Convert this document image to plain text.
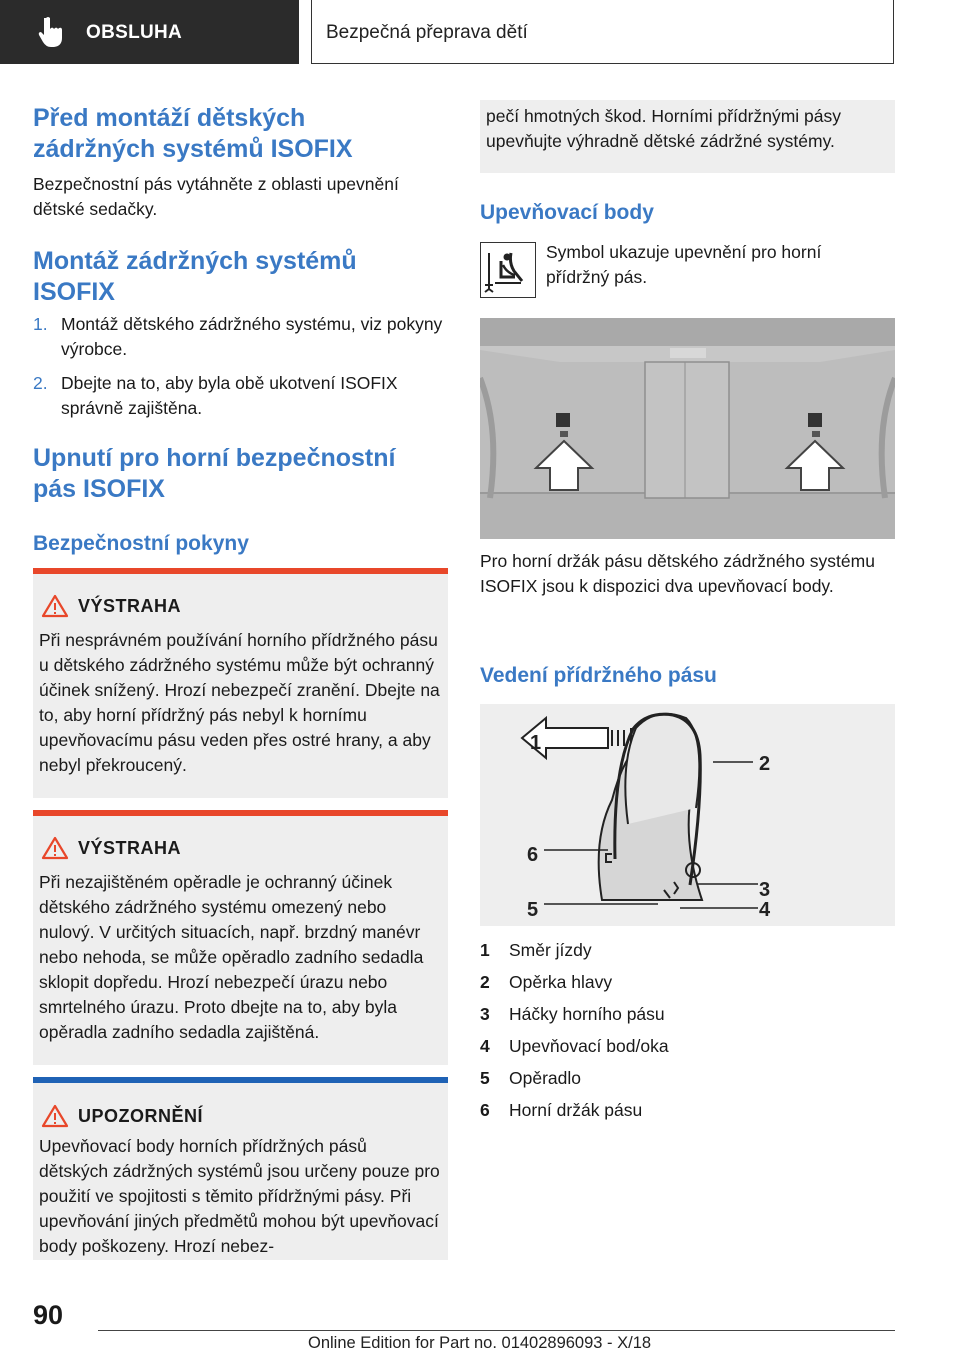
OBSLUHA	Bezpečná přeprava dětí
Před montáží dětských zádržných systémů ISOFIX

Bezpečnostní pás vytáhněte z oblasti upevnění dětské sedačky.

Montáž zádržných systémů ISOFIX
1. Montáž dětského zádržného systému, viz pokyny výrobce.
2. Dbejte na to, aby byla obě ukotvení ISOFIX správně zajištěna.
Upnutí pro horní bezpečnostní pás ISOFIX
Bezpečnostní pokyny
VÝSTRAHA
Při nesprávném používání horního přídržného pásu u dětského zádržného systému může být ochranný účinek snížený. Hrozí nebezpečí zranění. Dbejte na to, aby horní přídržný pás nebyl k hornímu upevňovacímu pásu veden přes ostré hrany, a aby nebyl překroucený.
VÝSTRAHA
Při nezajištěném opěradle je ochranný účinek dětského zádržného systému omezený nebo nulový. V určitých situacích, např. brzdný manévr nebo nehoda, se může opěradlo zadního sedadla sklopit dopředu. Hrozí nebezpečí úrazu nebo smrtelného úrazu. Proto dbejte na to, aby byla opěradla zadního sedadla zajištěná.
UPOZORNĚNÍ
Upevňovací body horních přídržných pásů dětských zádržných systémů jsou určeny pouze pro použití ve spojitosti s těmito přídržnými pásy. Při upevňování jiných předmětů mohou být upevňovací body poškozeny. Hrozí nebez-
pečí hmotných škod. Horními přídržnými pásy upevňujte výhradně dětské zádržné systémy.
Upevňovací body

Symbol ukazuje upevnění pro horní přídržný pás.

Pro horní držák pásu dětského zádržného systému ISOFIX jsou k dispozici dva upevňovací body.

Vedení přídržného pásu
1
2
6
3
5	4
1 Směr jízdy
2 Opěrka hlavy
3 Háčky horního pásu
4 Upevňovací bod/oka
5 Opěradlo
6 Horní držák pásu
90
Online Edition for Part no. 01402896093 - X/18
